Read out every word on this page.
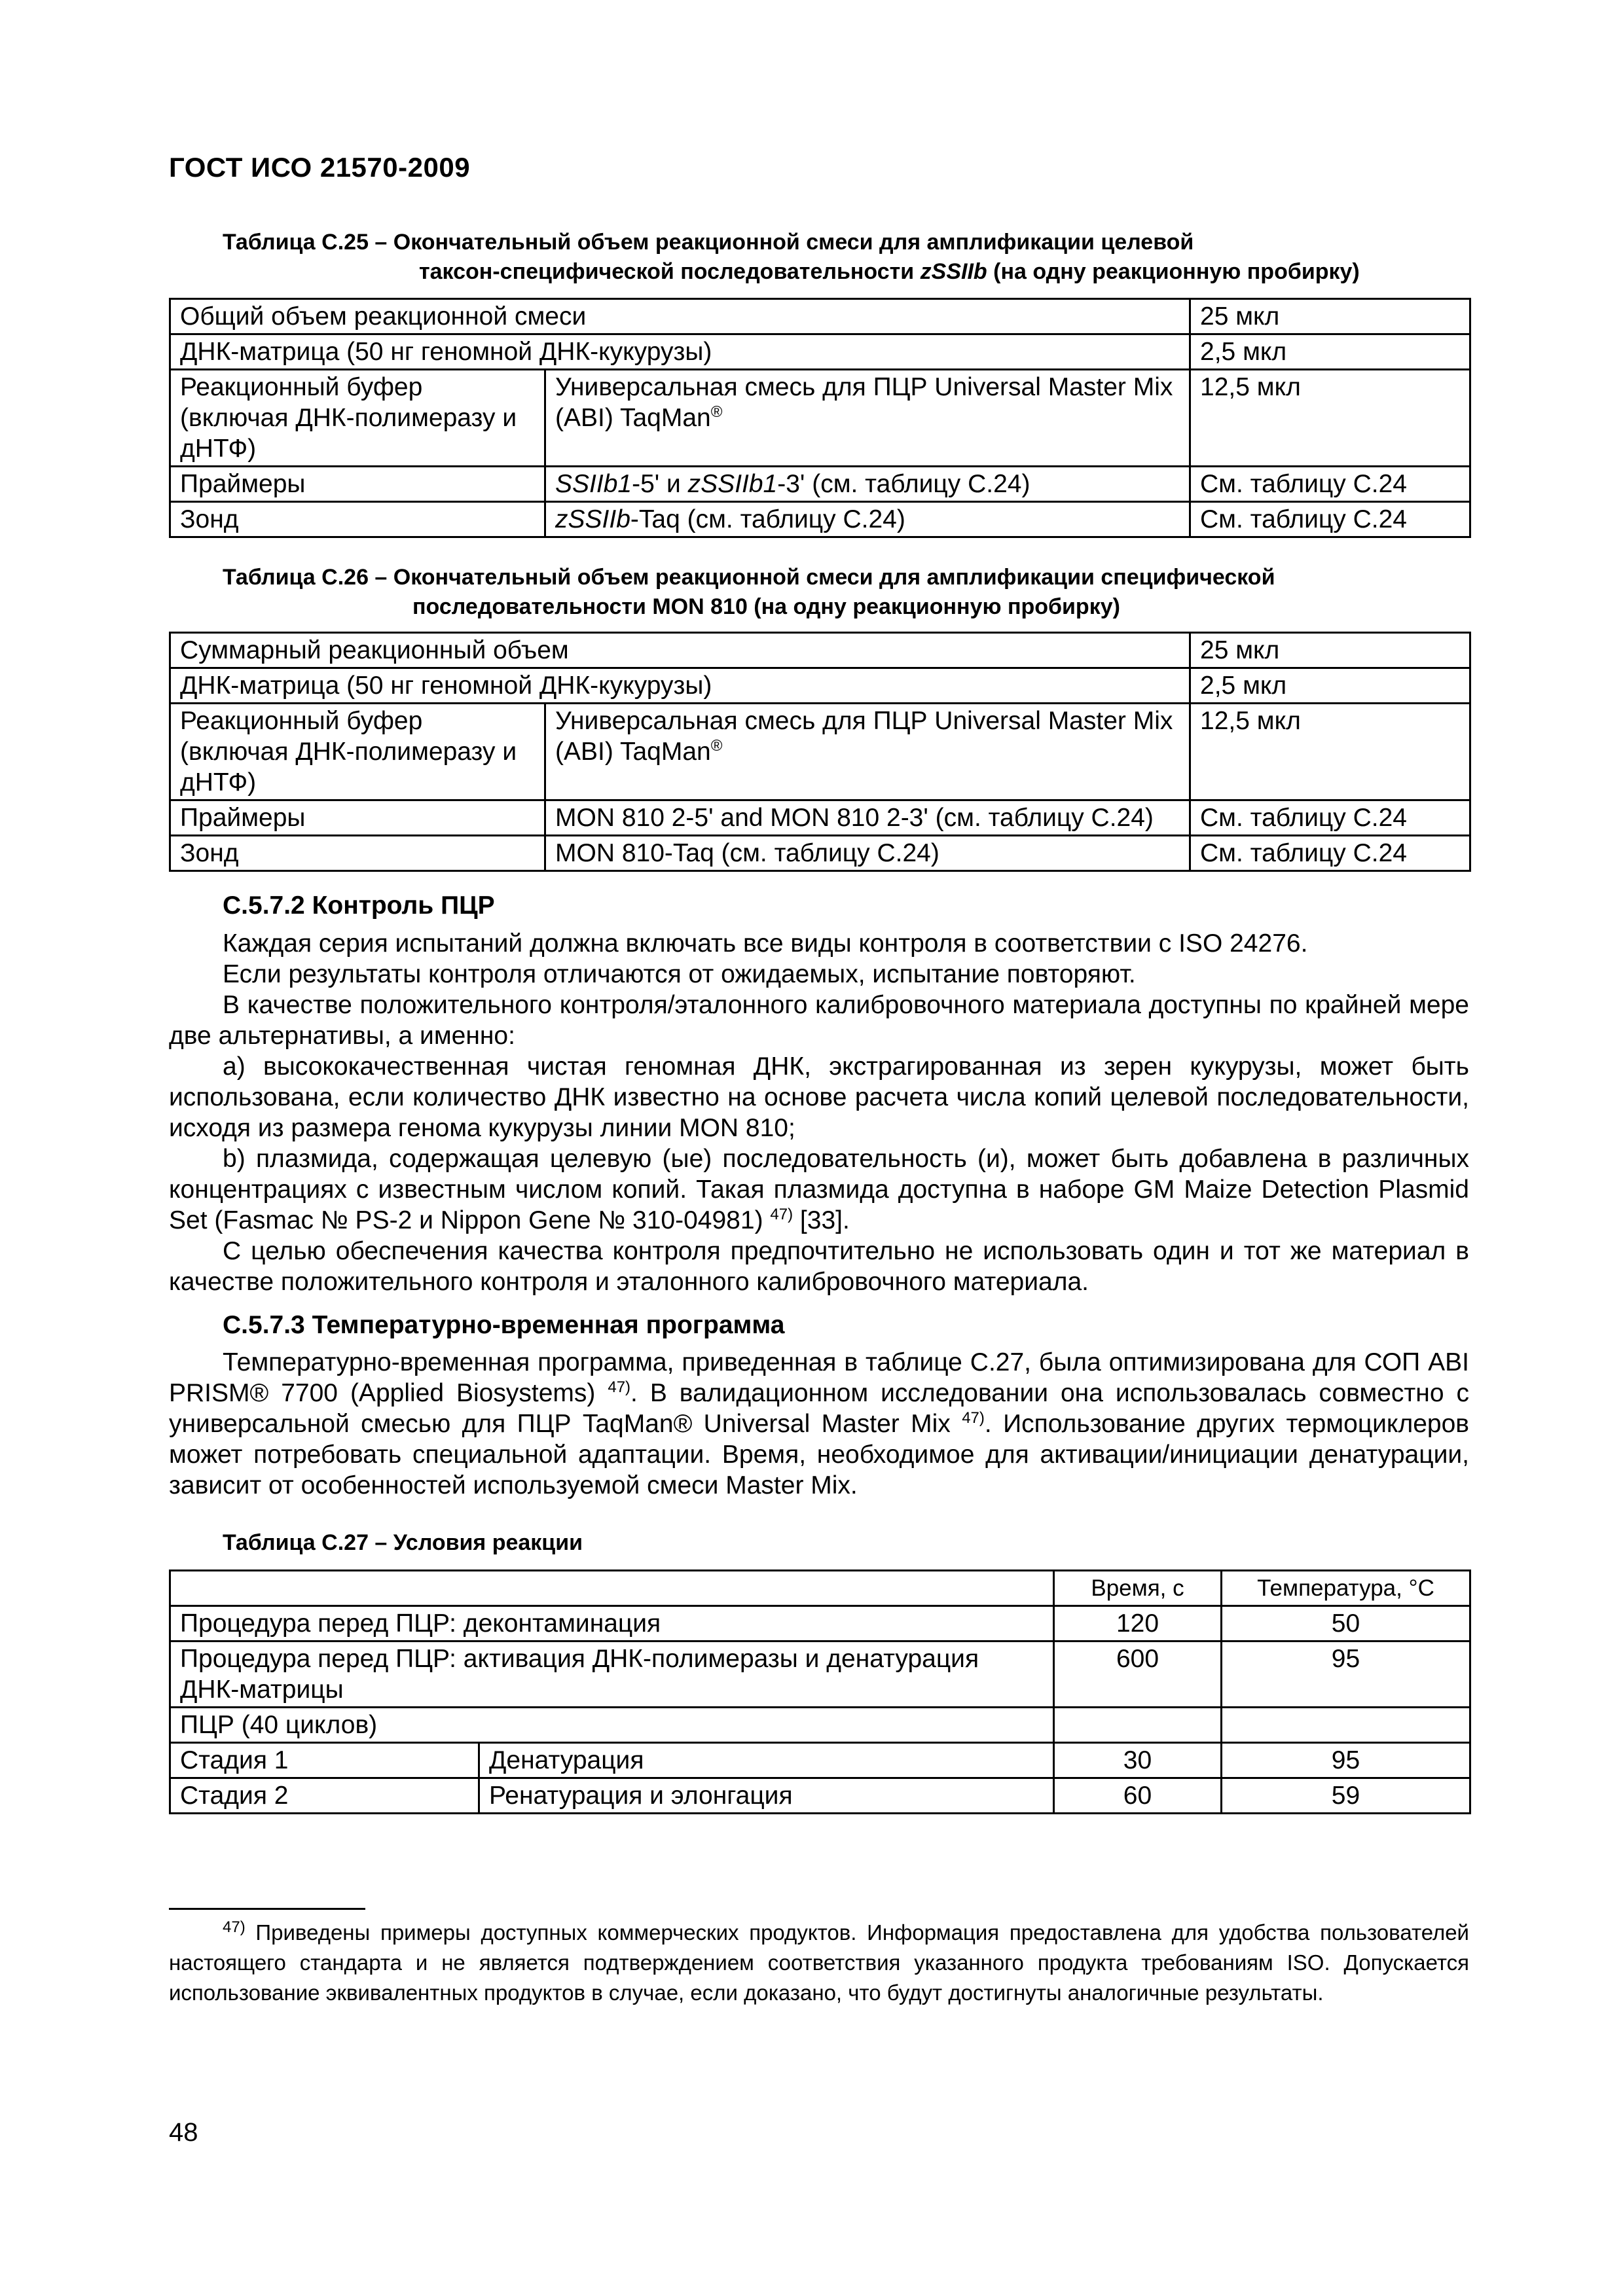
ГОСТ ИСО 21570-2009
Таблица С.25 – Окончательный объем реакционной смеси для амплификации целевой
таксон-специфической последовательности zSSIIb (на одну реакционную пробирку)
Общий объем реакционной смеси		25 мкл
ДНК-матрица (50 нг геномной ДНК-кукурузы)		2,5 мкл
Реакционный буфер (включая ДНК-полимеразу и дНТФ)	Универсальная смесь для ПЦР Universal Master Mix (ABI) TaqMan®	12,5 мкл
Праймеры	SSIIb1-5' и zSSIIb1-3' (см. таблицу С.24)	См. таблицу С.24
Зонд	zSSIIb-Taq (см. таблицу С.24)	См. таблицу С.24
Таблица С.26 – Окончательный объем реакционной смеси для амплификации специфической
последовательности MON 810 (на одну реакционную пробирку)
Суммарный реакционный объем		25 мкл
ДНК-матрица (50 нг геномной ДНК-кукурузы)		2,5 мкл
Реакционный буфер (включая ДНК-полимеразу и дНТФ)	Универсальная смесь для ПЦР Universal Master Mix (ABI) TaqMan®	12,5 мкл
Праймеры	MON 810 2-5' and MON 810 2-3' (см. таблицу С.24)	См. таблицу С.24
Зонд	MON 810-Taq (см. таблицу С.24)	См. таблицу С.24
С.5.7.2 Контроль ПЦР

Каждая серия испытаний должна включать все виды контроля в соответствии с ISO 24276.

Если результаты контроля отличаются от ожидаемых, испытание повторяют.

В качестве положительного контроля/эталонного калибровочного материала доступны по крайней мере две альтернативы, а именно:

a) высококачественная чистая геномная ДНК, экстрагированная из зерен кукурузы, может быть использована, если количество ДНК известно на основе расчета числа копий целевой последовательности, исходя из размера генома кукурузы линии MON 810;

b) плазмида, содержащая целевую (ые) последовательность (и), может быть добавлена в различных концентрациях с известным числом копий. Такая плазмида доступна в наборе GM Maize Detection Plasmid Set (Fasmac № PS-2 и Nippon Gene № 310-04981) $^{47)}$ [33].

С целью обеспечения качества контроля предпочтительно не использовать один и тот же материал в качестве положительного контроля и эталонного калибровочного материала.

С.5.7.3 Температурно-временная программа

Температурно-временная программа, приведенная в таблице С.27, была оптимизирована для СОП ABI PRISM® 7700 (Applied Biosystems) $^{47)}$. В валидационном исследовании она использовалась совместно с универсальной смесью для ПЦР TaqMan® Universal Master Mix $^{47)}$. Использование других термоциклеров может потребовать специальной адаптации. Время, необходимое для активации/инициации денатурации, зависит от особенностей используемой смеси Master Mix.

Таблица С.27 – Условия реакции
		Время, с	Температура, °С
Процедура перед ПЦР: деконтаминация		120	50
Процедура перед ПЦР: активация ДНК-полимеразы и денатурация ДНК-матрицы		600	95
ПЦР (40 циклов)			
Стадия 1	Денатурация	30	95
Стадия 2	Ренатурация и элонгация	60	59

$^{47)}$ Приведены примеры доступных коммерческих продуктов. Информация предоставлена для удобства пользователей настоящего стандарта и не является подтверждением соответствия указанного продукта требованиям ISO. Допускается использование эквивалентных продуктов в случае, если доказано, что будут достигнуты аналогичные результаты.

48
